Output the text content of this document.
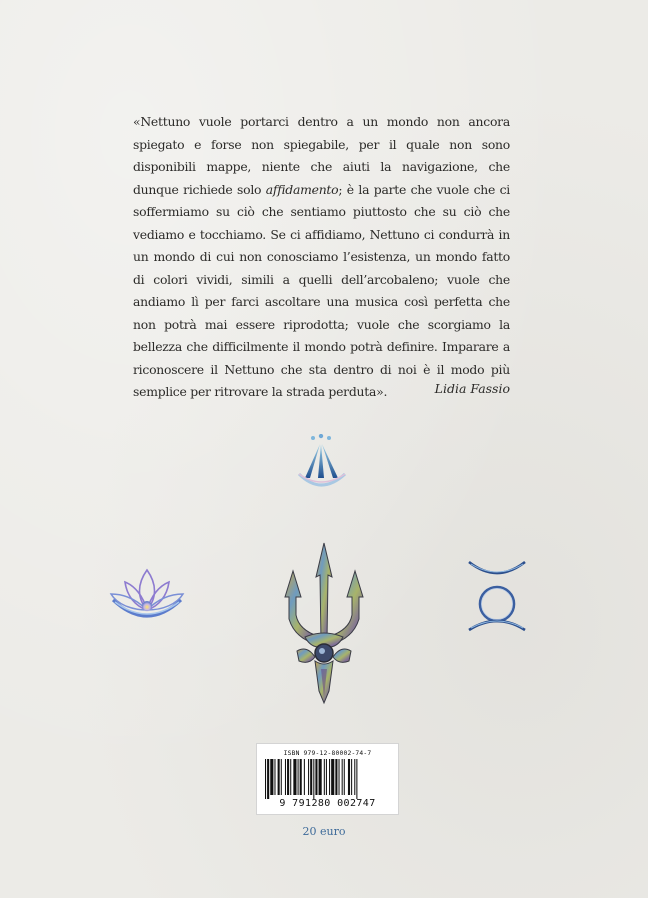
«Nettuno vuole portarci dentro a un mondo non ancora spiegato e forse non spiegabile, per il quale non sono disponibili mappe, niente che aiuti la navigazione, che dunque richiede solo affidamento; è la parte che vuole che ci soffermiamo su ciò che sentiamo piuttosto che su ciò che vediamo e tocchiamo. Se ci affidiamo, Nettuno ci condurrà in un mondo di cui non conosciamo l’esistenza, un mondo fatto di colori vividi, simili a quelli dell’arcobaleno; vuole che andiamo lì per farci ascoltare una musica così perfetta che non potrà mai essere riprodotta; vuole che scorgiamo la bellezza che difficilmente il mondo potrà definire. Imparare a riconoscere il Nettuno che sta dentro di noi è il modo più semplice per ritrovare la strada perduta».	Lidia Fassio
ISBN 979-12-80002-74-7
9 791280 002747
20 euro
